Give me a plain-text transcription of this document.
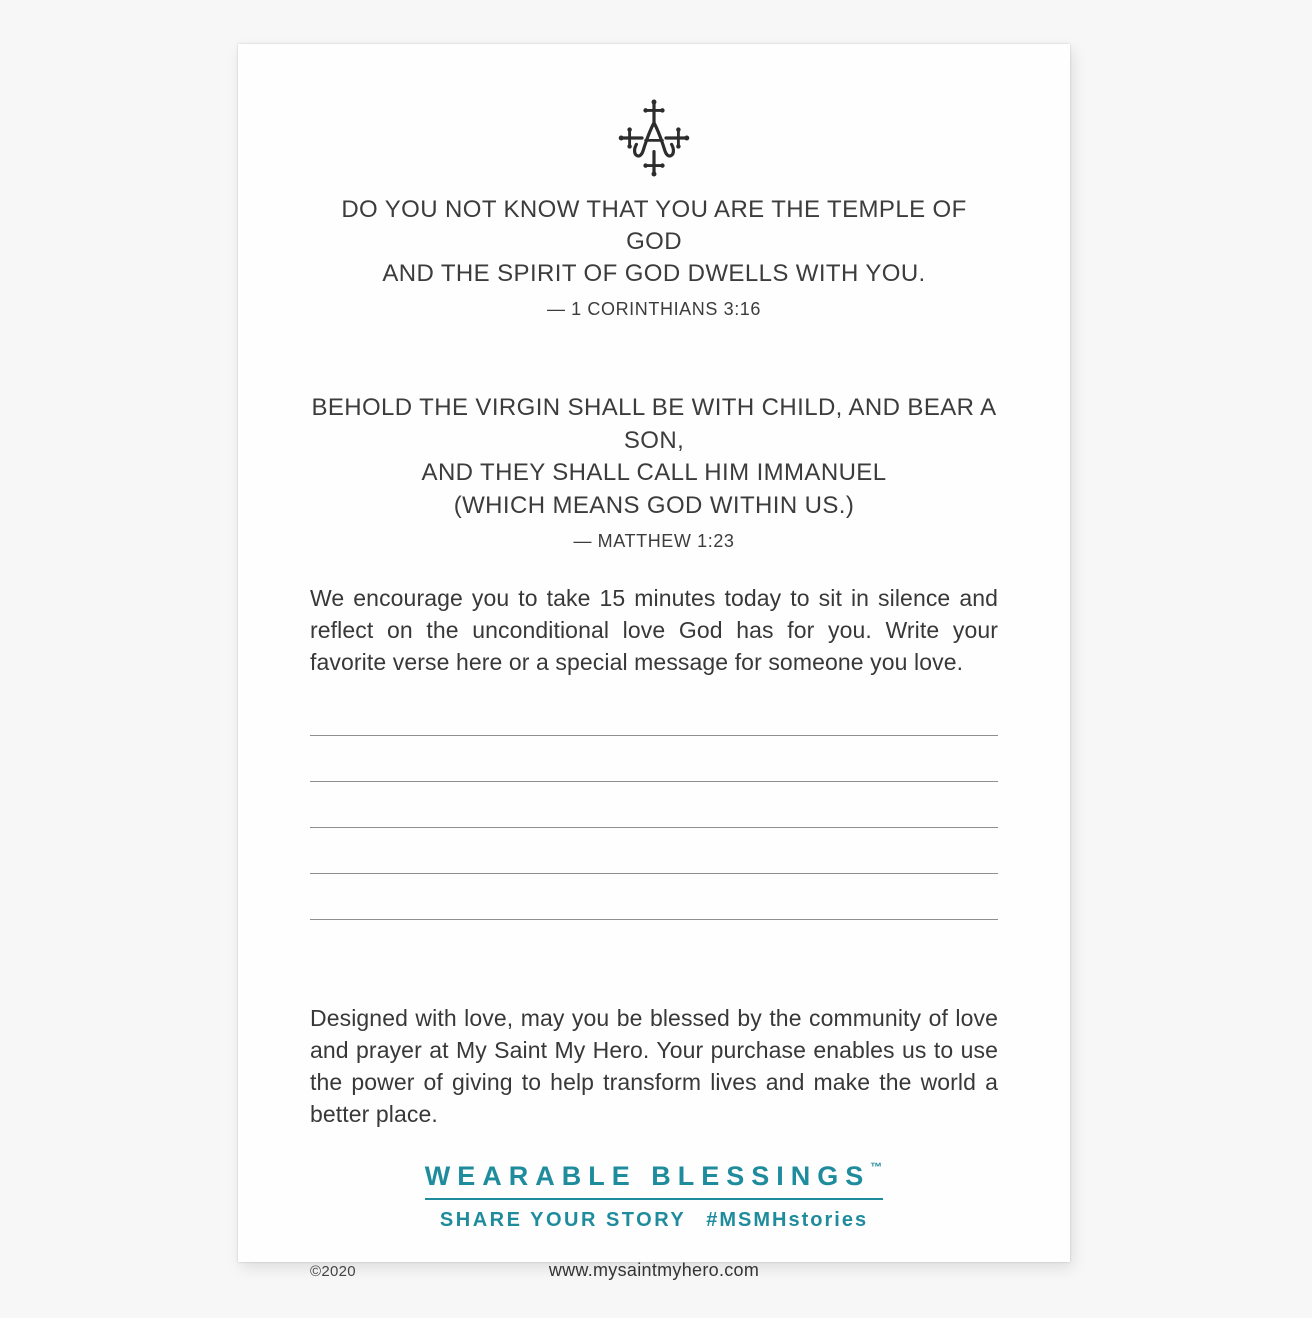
DO YOU NOT KNOW THAT YOU ARE THE TEMPLE OF GOD
AND THE SPIRIT OF GOD DWELLS WITH YOU.
— 1 CORINTHIANS 3:16
BEHOLD THE VIRGIN SHALL BE WITH CHILD, AND BEAR A SON,
AND THEY SHALL CALL HIM IMMANUEL
(WHICH MEANS GOD WITHIN US.)
— MATTHEW 1:23

We encourage you to take 15 minutes today to sit in silence and reflect on the unconditional love God has for you. Write your favorite verse here or a special message for someone you love.

Designed with love, may you be blessed by the community of love and prayer at My Saint My Hero. Your purchase enables us to use the power of giving to help transform lives and make the world a better place.

WEARABLE BLESSINGS™
SHARE YOUR STORY #MSMHstories
©2020	www.mysaintmyhero.com
